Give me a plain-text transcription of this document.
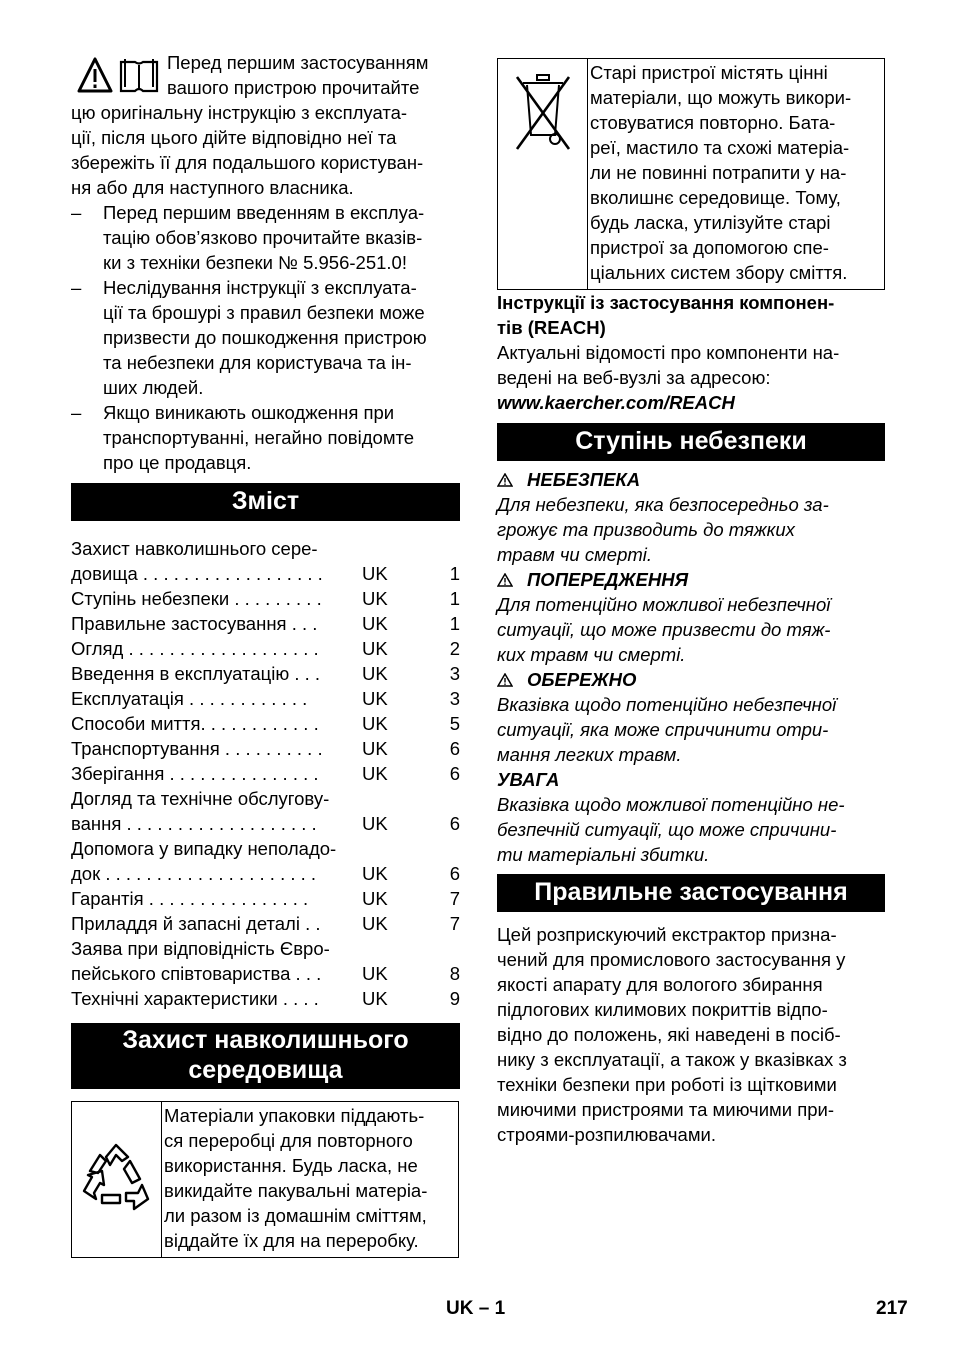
Перед першим застосуванням

вашого пристрою прочитайте

цю оригінальну інструкцію з експлуата-

ції, після цього дійте відповідно неї та

збережіть її для подальшого користуван-

ня або для наступного власника.

– Перед першим введенням в експлуа-

тацію обов’язково прочитайте вказів-

ки з техніки безпеки № 5.956-251.0!

– Неслідування інструкції з експлуата-

ції та брошурі з правил безпеки може

призвести до пошкодження пристрою

та небезпеки для користувача та ін-

ших людей.

– Якщо виникають ошкодження при

транспортуванні, негайно повідомте

про це продавця.

Зміст
Захист навколишнього сере-
довища . . . . . . . . . . . . . . . . . .	UK	1
Ступінь небезпеки . . . . . . . . .	UK	1
Правильне застосування . . .	UK	1
Огляд . . . . . . . . . . . . . . . . . . .	UK	2
Введення в експлуатацію . . .	UK	3
Експлуатація . . . . . . . . . . . .	UK	3
Способи миття. . . . . . . . . . . .	UK	5
Транспортування . . . . . . . . . .	UK	6
Зберігання . . . . . . . . . . . . . . .	UK	6
Догляд та технічне обслугову-
вання . . . . . . . . . . . . . . . . . . .	UK	6
Допомога у випадку неполадо-
док . . . . . . . . . . . . . . . . . . . . .	UK	6
Гарантія . . . . . . . . . . . . . . . .	UK	7
Приладдя й запасні деталі . .	UK	7
Заява при відповідність Євро-
пейського співтовариства . . .	UK	8
Технічні характеристики . . . .	UK	9
Захист навколишнього
середовища

Матеріали упаковки піддають-

ся переробці для повторного

використання. Будь ласка, не

викидайте пакувальні матеріа-

ли разом із домашнім сміттям,

віддайте їх для на переробку.

Старі пристрої містять цінні

матеріали, що можуть викори-

стовуватися повторно. Бата-

реї, мастило та схожі матеріа-

ли не повинні потрапити у на-

вколишнє середовище. Тому,

будь ласка, утилізуйте старі

пристрої за допомогою спе-

ціальних систем збору сміття.

Інструкції із застосування компонен-

тів (REACH)

Актуальні відомості про компоненти на-

ведені на веб-вузлі за адресою:

www.kaercher.com/REACH

Ступінь небезпеки
НЕБЕЗПЕКА

Для небезпеки, яка безпосередньо за-

грожує та призводить до тяжких

травм чи смерті.

ПОПЕРЕДЖЕННЯ

Для потенційно можливої небезпечної

ситуації, що може призвести до тяж-

ких травм чи смерті.

ОБЕРЕЖНО

Вказівка щодо потенційно небезпечної

ситуації, яка може спричинити отри-

мання легких травм.

УВАГА

Вказівка щодо можливої потенційно не-

безпечній ситуації, що може спричини-

ти матеріальні збитки.

Правильне застосування

Цей розприскуючий екстрактор призна-

чений для промислового застосування у

якості апарату для вологого збирання

підлогових килимових покриттів відпо-

відно до положень, які наведені в посіб-

нику з експлуатації, а також у вказівках з

техніки безпеки при роботі із щітковими

миючими пристроями та миючими при-

строями-розпилювачами.

UK – 1	217
